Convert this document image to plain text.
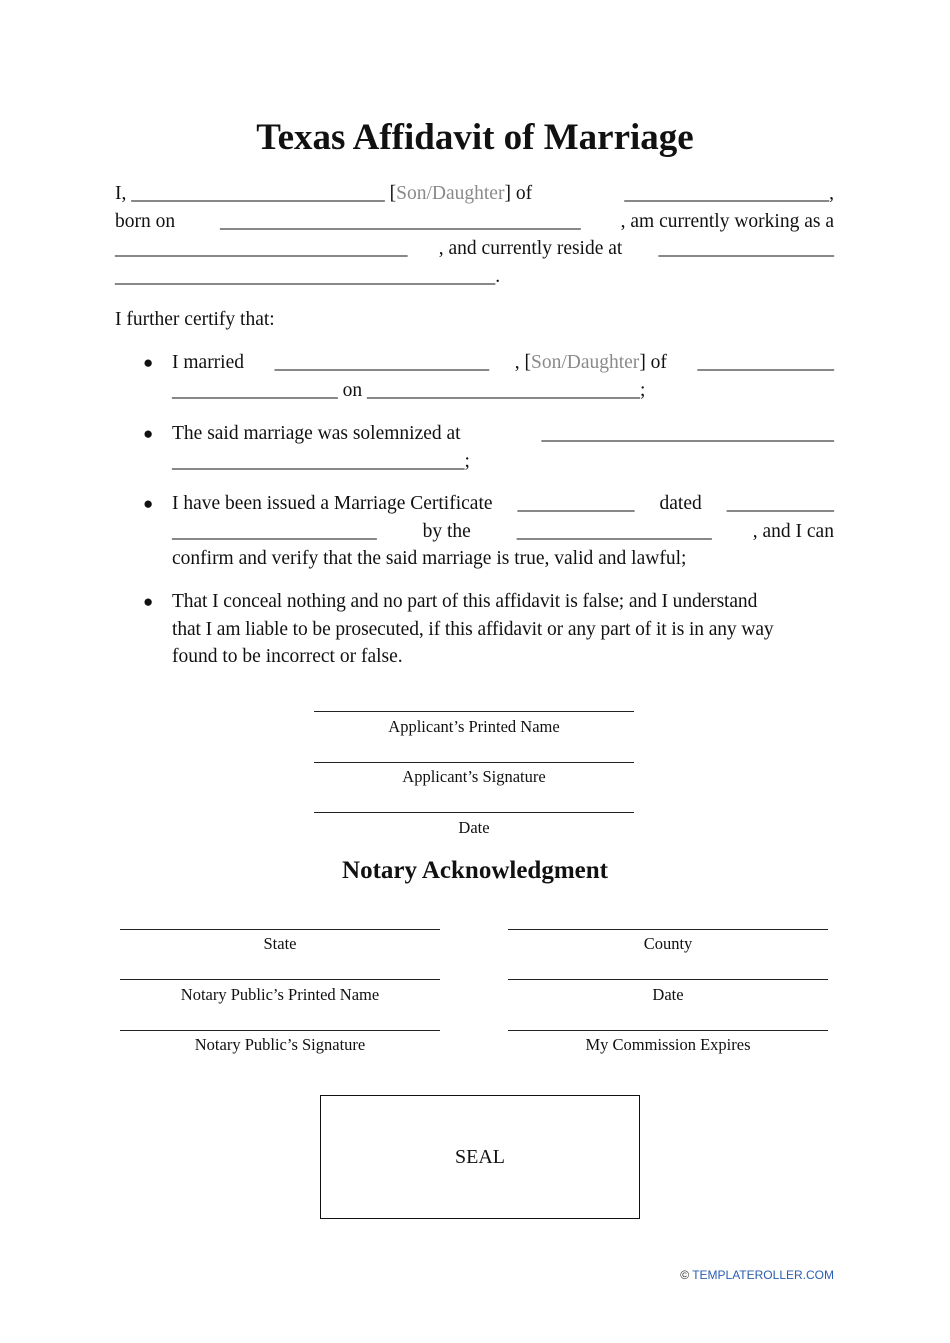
Texas Affidavit of Marriage
I, __________________________ [Son/Daughter] of	_____________________,
born on _____________________________________ , am currently working as a
______________________________ , and currently reside at __________________
_______________________________________.
I further certify that:
● I married ______________________ , [Son/Daughter] of ______________
_________________ on ____________________________;
● The said marriage was solemnized at	______________________________
______________________________;
● I have been issued a Marriage Certificate ____________ dated ___________
_____________________ by the ____________________ , and I can
confirm and verify that the said marriage is true, valid and lawful;
● That I conceal nothing and no part of this affidavit is false; and I understand
that I am liable to be prosecuted, if this affidavit or any part of it is in any way
found to be incorrect or false.
Applicant’s Printed Name
Applicant’s Signature
Date
Notary Acknowledgment
State	County
Notary Public’s Printed Name	Date
Notary Public’s Signature	My Commission Expires
SEAL
© TEMPLATEROLLER.COM
